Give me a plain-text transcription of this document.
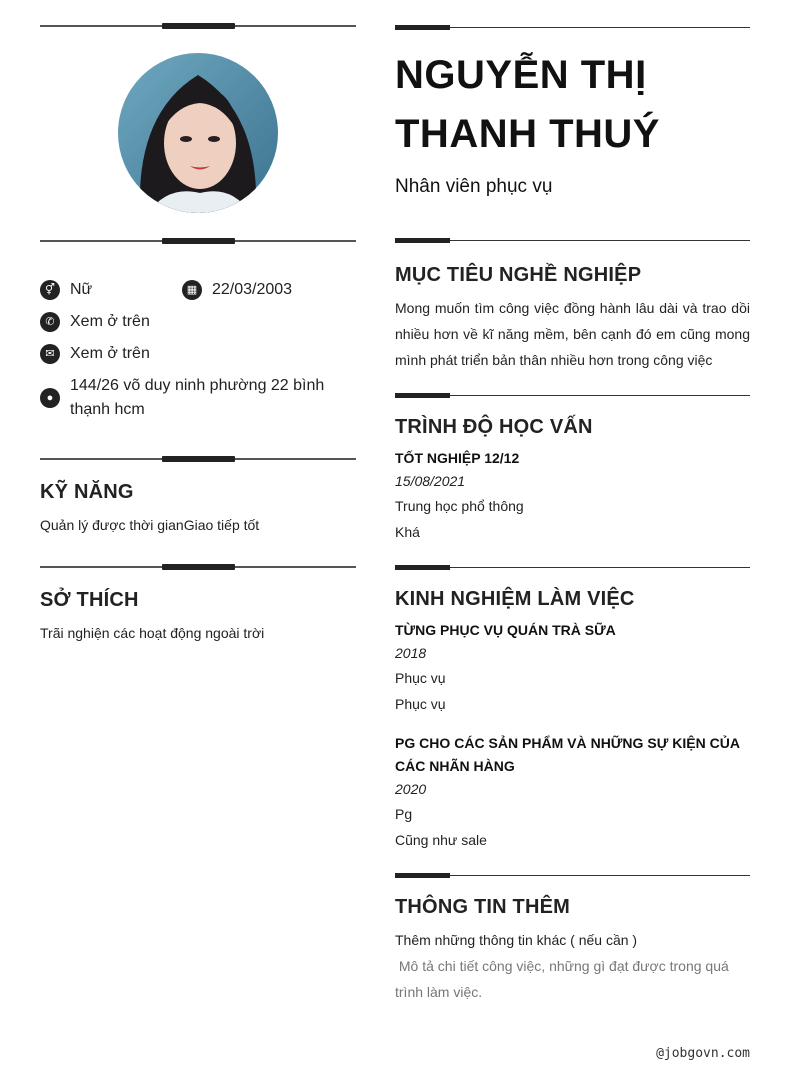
⚥ Nữ	▦ 22/03/2003
✆ Xem ở trên
✉ Xem ở trên
●
144/26 võ duy ninh phường 22 bình
thạnh hcm
KỸ NĂNG
Quản lý được thời gianGiao tiếp tốt
SỞ THÍCH
Trãi nghiện các hoạt động ngoài trời
NGUYỄN THỊ
THANH THUÝ
Nhân viên phục vụ
MỤC TIÊU NGHỀ NGHIỆP
Mong muốn tìm công việc đồng hành lâu dài và trao dồi nhiều hơn về kĩ năng mềm, bên cạnh đó em cũng mong mình phát triển bản thân nhiều hơn trong công việc
TRÌNH ĐỘ HỌC VẤN
TỐT NGHIỆP 12/12
15/08/2021
Trung học phổ thông
Khá
KINH NGHIỆM LÀM VIỆC
TỪNG PHỤC VỤ QUÁN TRÀ SỮA
2018
Phục vụ
Phục vụ
PG CHO CÁC SẢN PHẨM VÀ NHỮNG SỰ KIỆN CỦA
CÁC NHÃN HÀNG
2020
Pg
Cũng như sale
THÔNG TIN THÊM
Thêm những thông tin khác ( nếu cần )
Mô tả chi tiết công việc, những gì đạt được trong quá trình làm việc.
@jobgovn.com
